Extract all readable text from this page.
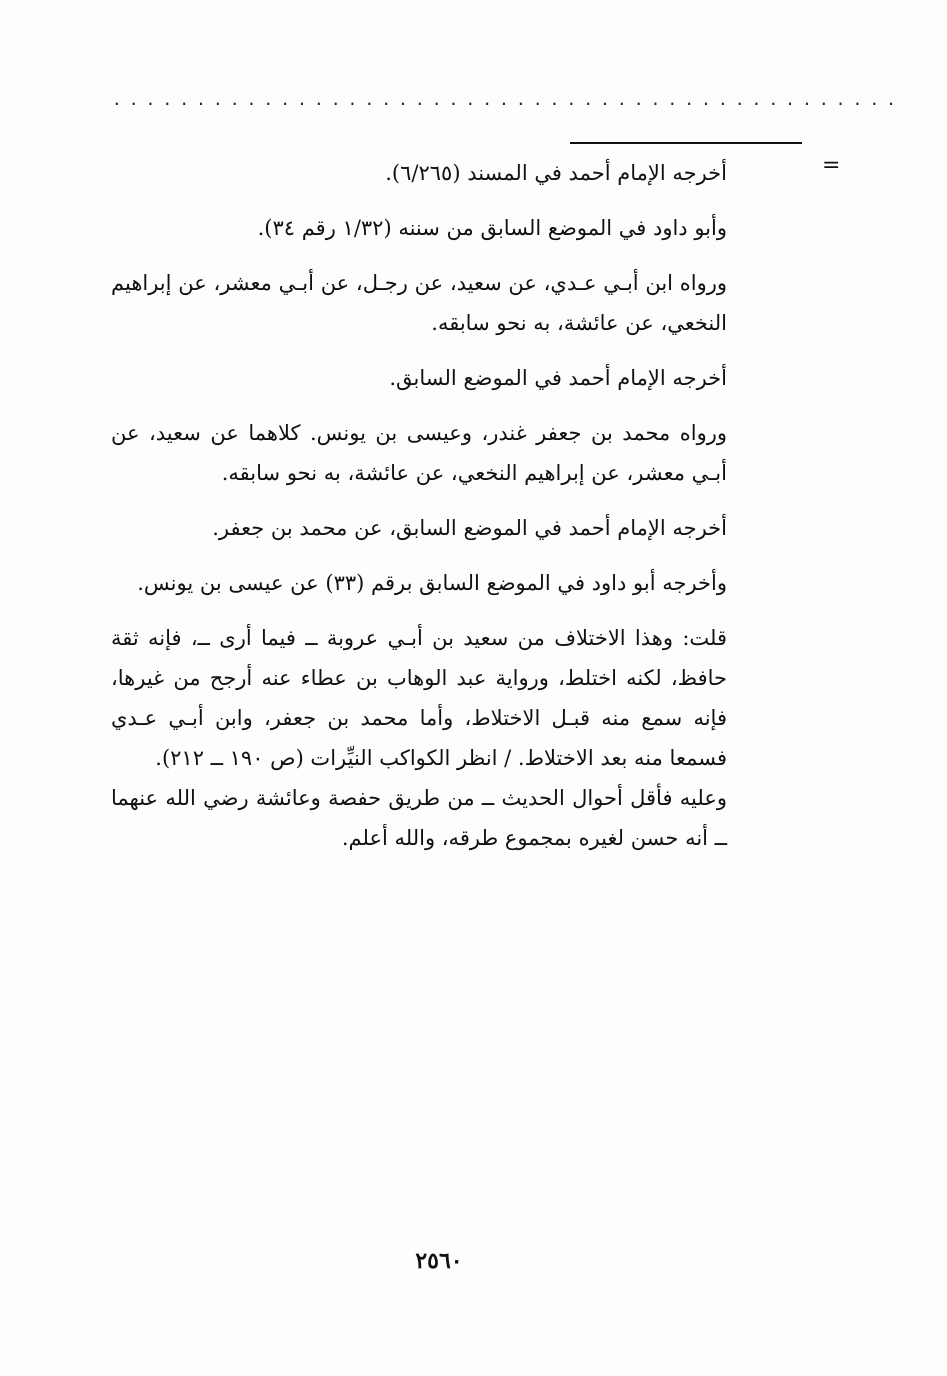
...............................................
=

أخرجه الإمام أحمد في المسند (٦/٢٦٥).

وأبو داود في الموضع السابق من سننه (١/٣٢ رقم ٣٤).

ورواه ابن أبـي عـدي، عن سعيد، عن رجـل، عن أبـي معشر، عن إبراهيم النخعي، عن عائشة، به نحو سابقه.

أخرجه الإمام أحمد في الموضع السابق.

ورواه محمد بن جعفر غندر، وعيسى بن يونس. كلاهما عن سعيد، عن أبـي معشر، عن إبراهيم النخعي، عن عائشة، به نحو سابقه.

أخرجه الإمام أحمد في الموضع السابق، عن محمد بن جعفر.

وأخرجه أبو داود في الموضع السابق برقم (٣٣) عن عيسى بن يونس.

قلت: وهذا الاختلاف من سعيد بن أبـي عروبة ــ فيما أرى ــ، فإنه ثقة حافظ، لكنه اختلط، ورواية عبد الوهاب بن عطاء عنه أرجح من غيرها، فإنه سمع منه قبـل الاختلاط، وأما محمد بن جعفر، وابن أبـي عـدي فسمعا منه بعد الاختلاط. / انظر الكواكب النيِّرات (ص ١٩٠ ــ ٢١٢).

وعليه فأقل أحوال الحديث ــ من طريق حفصة وعائشة رضي الله عنهما ــ أنه حسن لغيره بمجموع طرقه، والله أعلم.

٢٥٦٠
